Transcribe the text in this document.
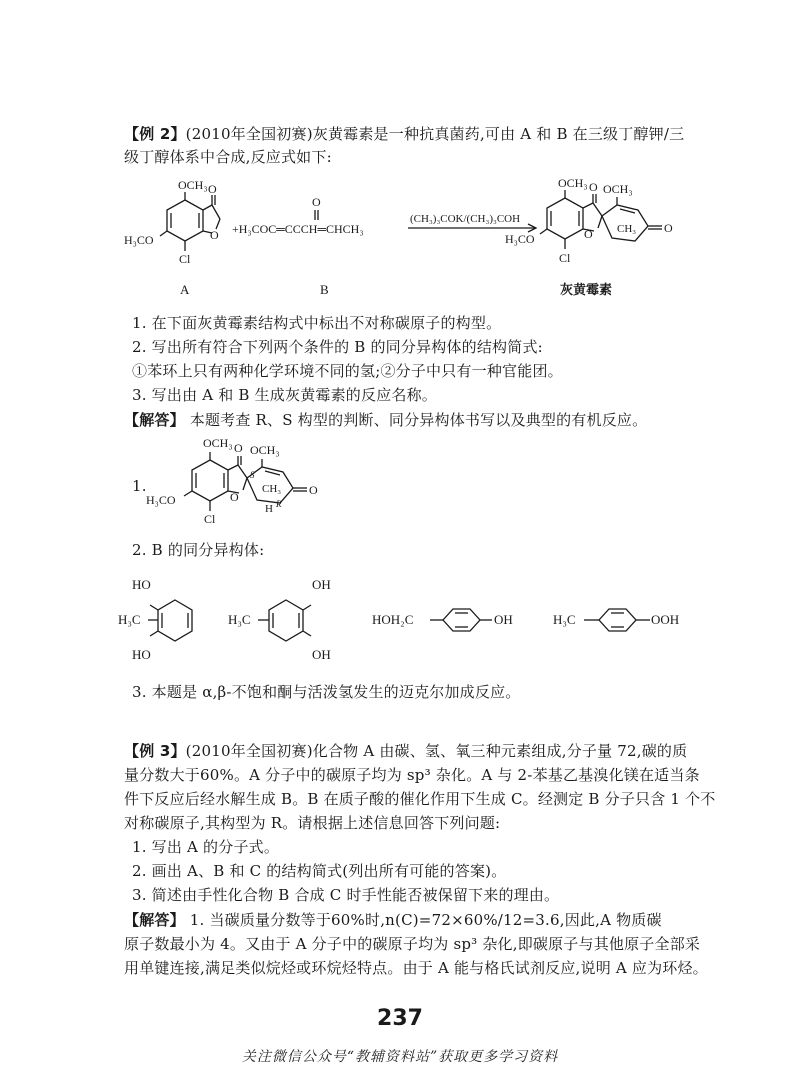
【例 2】(2010年全国初赛)灰黄霉素是一种抗真菌药,可由 A 和 B 在三级丁醇钾/三
级丁醇体系中合成,反应式如下:
OCH₃ O
O
H₃CO
Cl
A
+H₃COC═CCCH═CHCH₃
O
B
(CH₃)₃COK/(CH₃)₃COH
OCH₃ OCH₃
O
CH₃ O
O
H₃CO
Cl
灰黄霉素
1. 在下面灰黄霉素结构式中标出不对称碳原子的构型。
2. 写出所有符合下列两个条件的 B 的同分异构体的结构简式:
①苯环上只有两种化学环境不同的氢;②分子中只有一种官能团。
3. 写出由 A 和 B 生成灰黄霉素的反应名称。
【解答】 本题考查 R、S 构型的判断、同分异构体书写以及典型的有机反应。
1.
OCH₃ OCH₃
O
S
CH₃ O
H₃CO	O
H R
Cl
2. B 的同分异构体:
HO
H₃C
HO
H₃C
OH
OH
HOH₂C	OH	H₃C	OOH
3. 本题是 α,β-不饱和酮与活泼氢发生的迈克尔加成反应。
【例 3】(2010年全国初赛)化合物 A 由碳、氢、氧三种元素组成,分子量 72,碳的质
量分数大于60%。A 分子中的碳原子均为 sp³ 杂化。A 与 2-苯基乙基溴化镁在适当条
件下反应后经水解生成 B。B 在质子酸的催化作用下生成 C。经测定 B 分子只含 1 个不
对称碳原子,其构型为 R。请根据上述信息回答下列问题:
1. 写出 A 的分子式。
2. 画出 A、B 和 C 的结构简式(列出所有可能的答案)。
3. 简述由手性化合物 B 合成 C 时手性能否被保留下来的理由。
【解答】 1. 当碳质量分数等于60%时,n(C)=72×60%/12=3.6,因此,A 物质碳
原子数最小为 4。又由于 A 分子中的碳原子均为 sp³ 杂化,即碳原子与其他原子全部采
用单键连接,满足类似烷烃或环烷烃特点。由于 A 能与格氏试剂反应,说明 A 应为环烃。
237
关注微信公众号“教辅资料站”获取更多学习资料
